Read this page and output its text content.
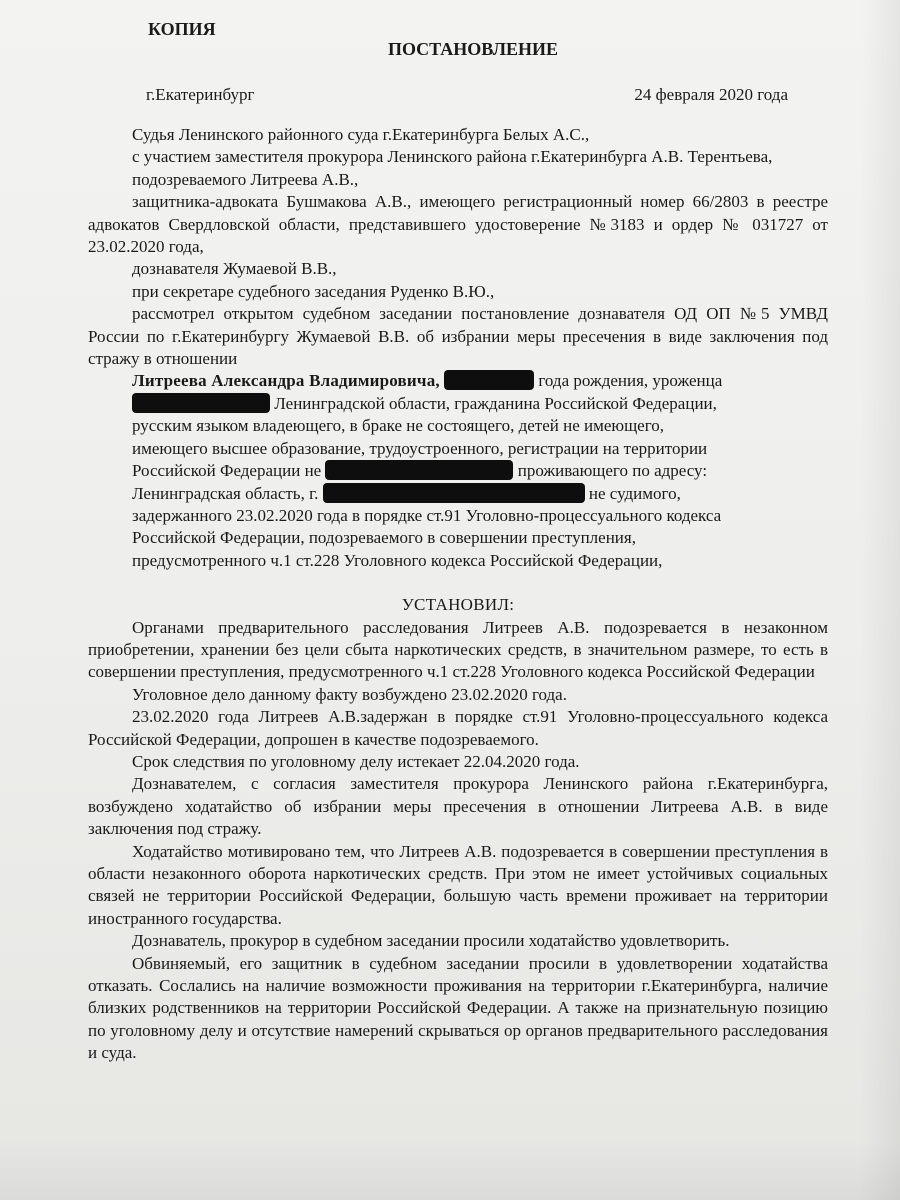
КОПИЯ
ПОСТАНОВЛЕНИЕ
г.Екатеринбург	24 февраля 2020 года

Судья Ленинского районного суда г.Екатеринбурга Белых А.С.,

с участием заместителя прокурора Ленинского района г.Екатеринбурга А.В. Терентьева,

подозреваемого Литреева А.В.,

защитника-адвоката Бушмакова А.В., имеющего регистрационный номер 66/2803 в реестре адвокатов Свердловской области, представившего удостоверение №3183 и ордер № 031727 от 23.02.2020 года,

дознавателя Жумаевой В.В.,

при секретаре судебного заседания Руденко В.Ю.,

рассмотрел открытом судебном заседании постановление дознавателя ОД ОП №5 УМВД России по г.Екатеринбургу Жумаевой В.В. об избрании меры пресечения в виде заключения под стражу в отношении

Литреева Александра Владимировича,	года рождения, уроженца
Ленинградской области, гражданина Российской Федерации,
русским языком владеющего, в браке не состоящего, детей не имеющего,
имеющего высшее образование, трудоустроенного, регистрации на территории
Российской Федерации не	проживающего по адресу:
Ленинградская область, г.	не судимого,
задержанного 23.02.2020 года в порядке ст.91 Уголовно-процессуального кодекса
Российской Федерации, подозреваемого в совершении преступления,
предусмотренного ч.1 ст.228 Уголовного кодекса Российской Федерации,
УСТАНОВИЛ:

Органами предварительного расследования Литреев А.В. подозревается в незаконном приобретении, хранении без цели сбыта наркотических средств, в значительном размере, то есть в совершении преступления, предусмотренного ч.1 ст.228 Уголовного кодекса Российской Федерации

Уголовное дело данному факту возбуждено 23.02.2020 года.

23.02.2020 года Литреев А.В.задержан в порядке ст.91 Уголовно-процессуального кодекса Российской Федерации, допрошен в качестве подозреваемого.

Срок следствия по уголовному делу истекает 22.04.2020 года.

Дознавателем, с согласия заместителя прокурора Ленинского района г.Екатеринбурга, возбуждено ходатайство об избрании меры пресечения в отношении Литреева А.В. в виде заключения под стражу.

Ходатайство мотивировано тем, что Литреев А.В. подозревается в совершении преступления в области незаконного оборота наркотических средств. При этом не имеет устойчивых социальных связей не территории Российской Федерации, большую часть времени проживает на территории иностранного государства.

Дознаватель, прокурор в судебном заседании просили ходатайство удовлетворить.

Обвиняемый, его защитник в судебном заседании просили в удовлетворении ходатайства отказать. Сослались на наличие возможности проживания на территории г.Екатеринбурга, наличие близких родственников на территории Российской Федерации. А также на признательную позицию по уголовному делу и отсутствие намерений скрываться ор органов предварительного расследования и суда.
